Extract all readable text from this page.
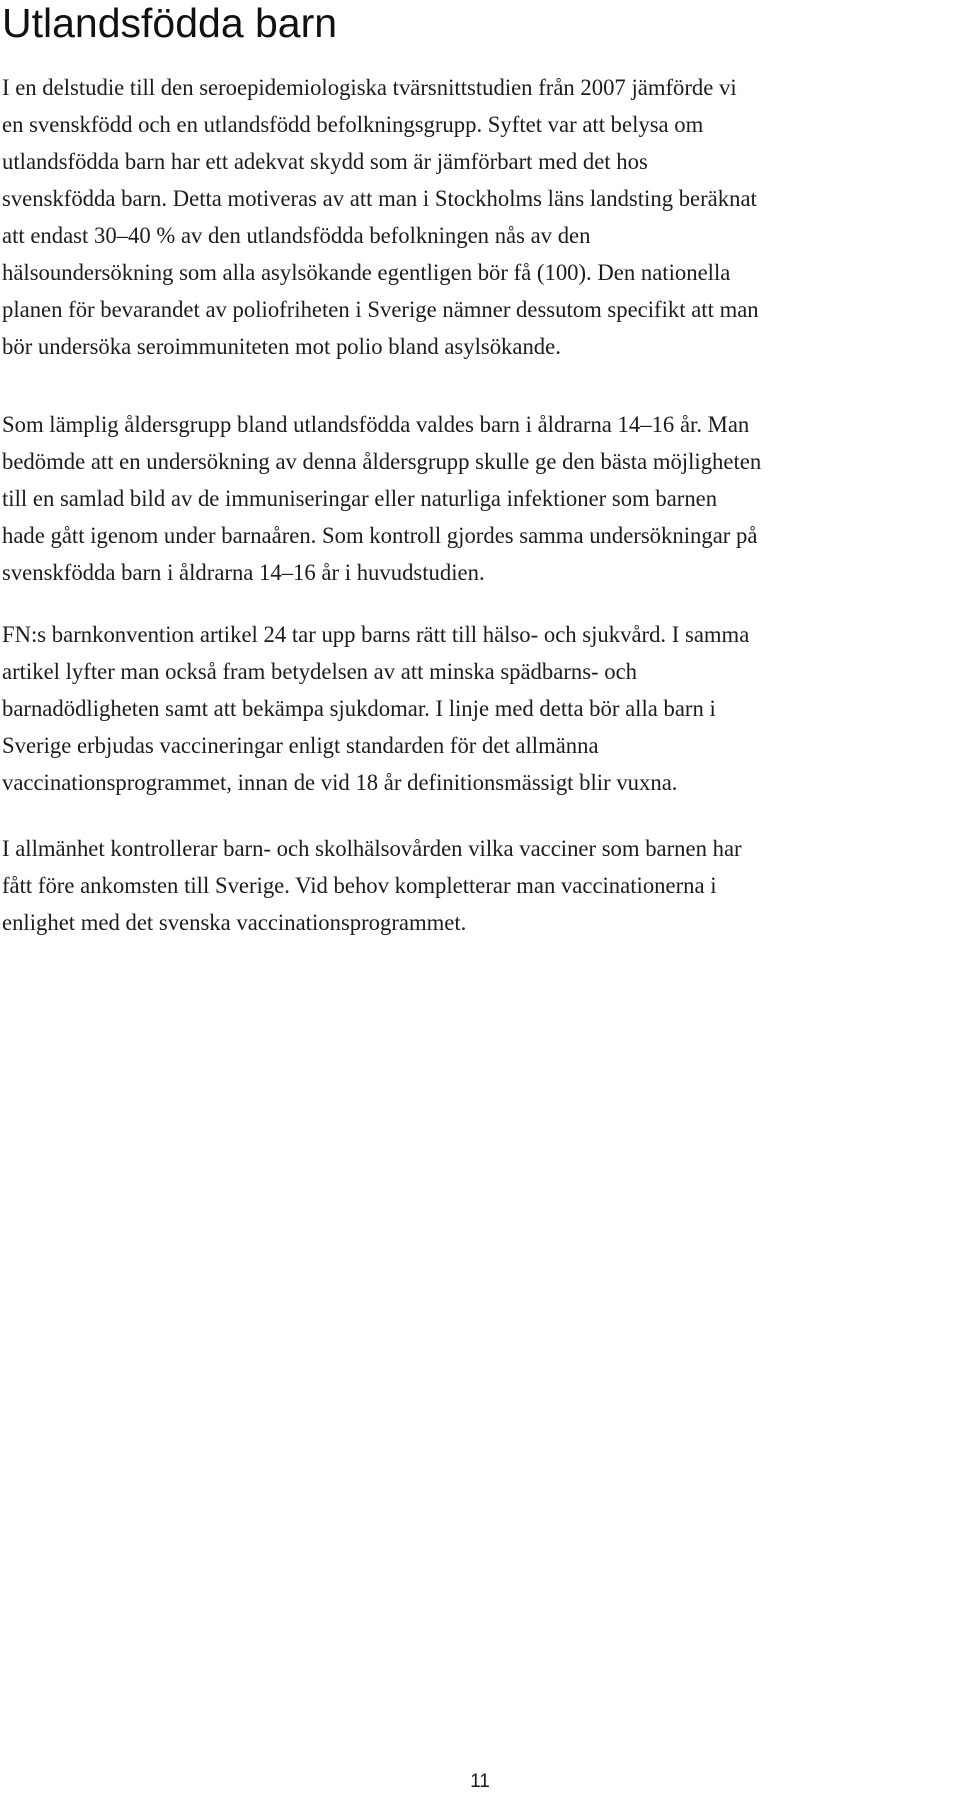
Utlandsfödda barn

I en delstudie till den seroepidemiologiska tvärsnittstudien från 2007 jämförde vi
en svenskfödd och en utlandsfödd befolkningsgrupp. Syftet var att belysa om
utlandsfödda barn har ett adekvat skydd som är jämförbart med det hos
svenskfödda barn. Detta motiveras av att man i Stockholms läns landsting beräknat
att endast 30–40 % av den utlandsfödda befolkningen nås av den
hälsoundersökning som alla asylsökande egentligen bör få (100). Den nationella
planen för bevarandet av poliofriheten i Sverige nämner dessutom specifikt att man
bör undersöka seroimmuniteten mot polio bland asylsökande.

Som lämplig åldersgrupp bland utlandsfödda valdes barn i åldrarna 14–16 år. Man
bedömde att en undersökning av denna åldersgrupp skulle ge den bästa möjligheten
till en samlad bild av de immuniseringar eller naturliga infektioner som barnen
hade gått igenom under barnaåren. Som kontroll gjordes samma undersökningar på
svenskfödda barn i åldrarna 14–16 år i huvudstudien.

FN:s barnkonvention artikel 24 tar upp barns rätt till hälso- och sjukvård. I samma
artikel lyfter man också fram betydelsen av att minska spädbarns- och
barnadödligheten samt att bekämpa sjukdomar. I linje med detta bör alla barn i
Sverige erbjudas vaccineringar enligt standarden för det allmänna
vaccinationsprogrammet, innan de vid 18 år definitionsmässigt blir vuxna.

I allmänhet kontrollerar barn- och skolhälsovården vilka vacciner som barnen har
fått före ankomsten till Sverige. Vid behov kompletterar man vaccinationerna i
enlighet med det svenska vaccinationsprogrammet.

11
